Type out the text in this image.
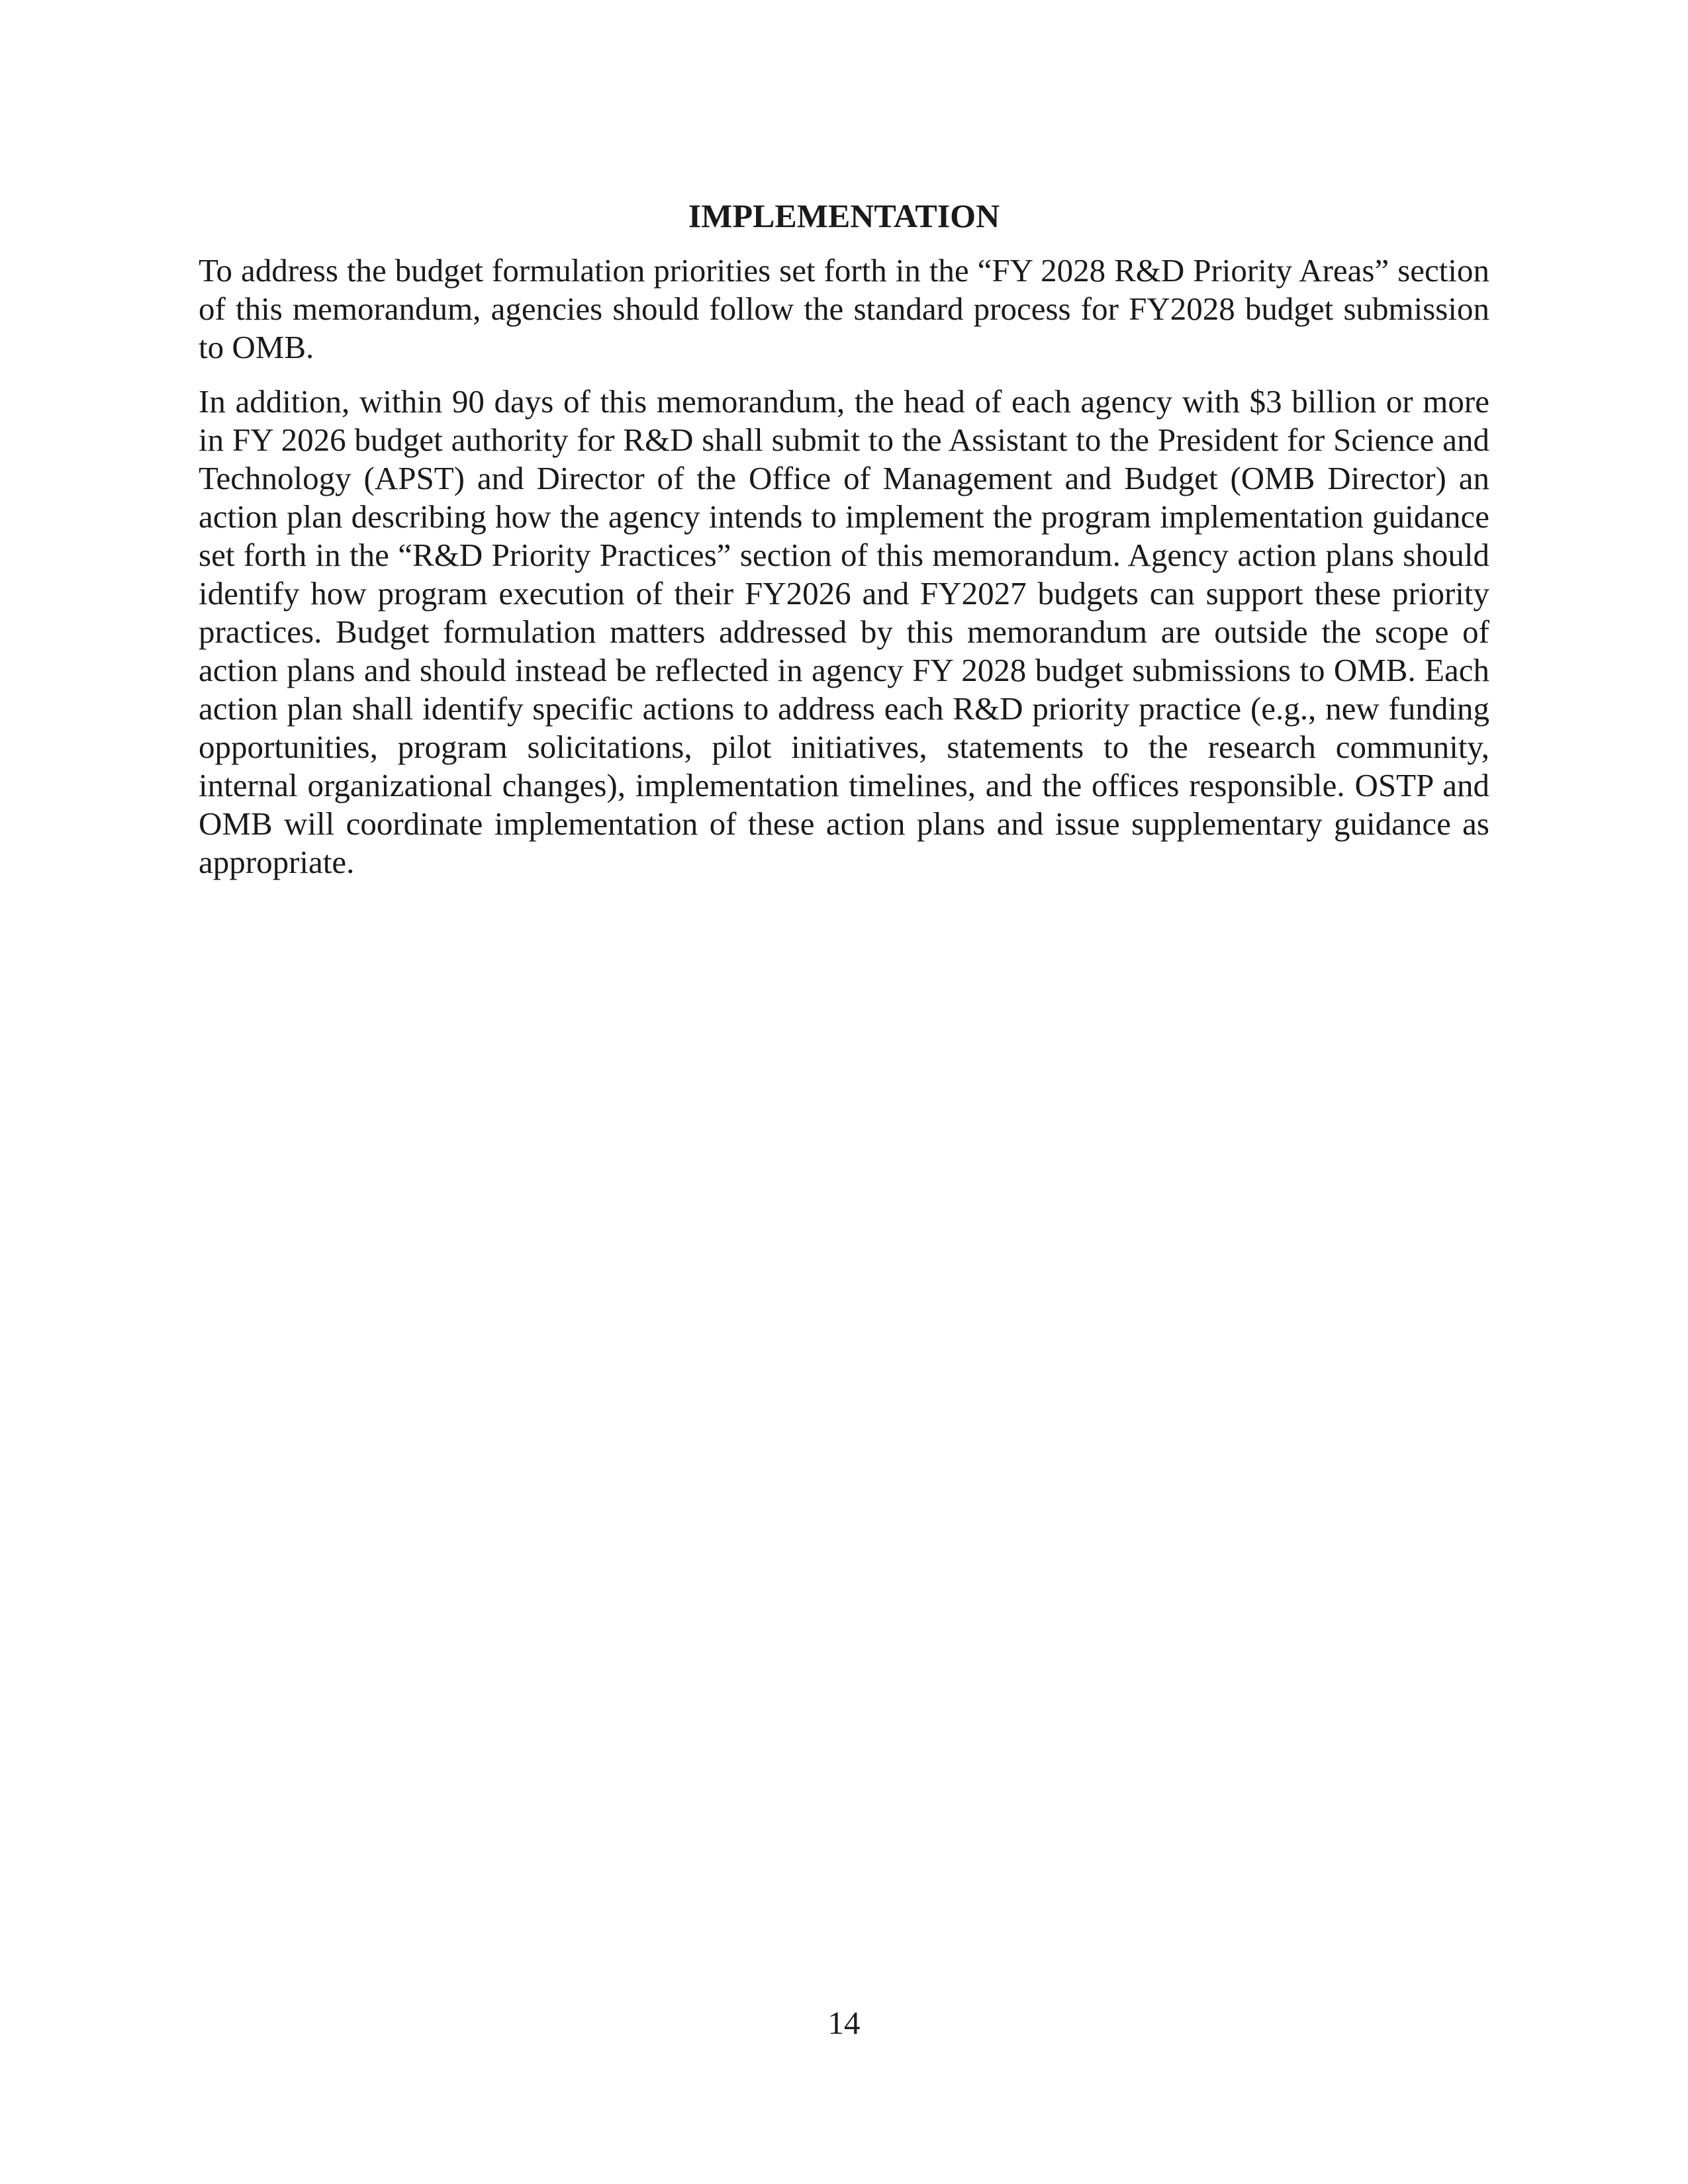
IMPLEMENTATION

To address the budget formulation priorities set forth in the “FY 2028 R&D Priority Areas” section of this memorandum, agencies should follow the standard process for FY2028 budget submission to OMB.

In addition, within 90 days of this memorandum, the head of each agency with $3 billion or more in FY 2026 budget authority for R&D shall submit to the Assistant to the President for Science and Technology (APST) and Director of the Office of Management and Budget (OMB Director) an action plan describing how the agency intends to implement the program implementation guidance set forth in the “R&D Priority Practices” section of this memorandum. Agency action plans should identify how program execution of their FY2026 and FY2027 budgets can support these priority practices. Budget formulation matters addressed by this memorandum are outside the scope of action plans and should instead be reflected in agency FY 2028 budget submissions to OMB. Each action plan shall identify specific actions to address each R&D priority practice (e.g., new funding opportunities, program solicitations, pilot initiatives, statements to the research community, internal organizational changes), implementation timelines, and the offices responsible. OSTP and OMB will coordinate implementation of these action plans and issue supplementary guidance as appropriate.

14
